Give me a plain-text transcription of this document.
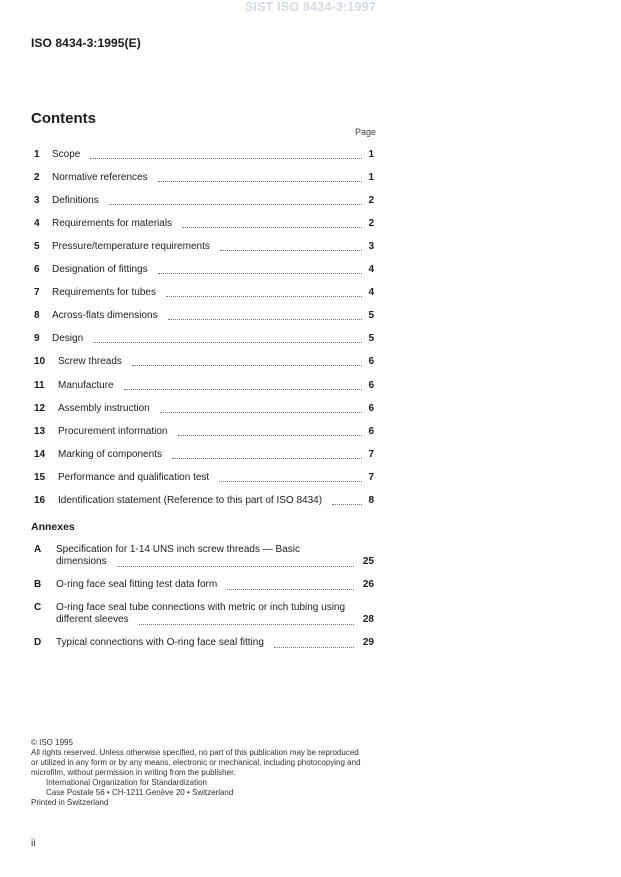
SIST ISO 8434-3:1997
ISO 8434-3:1995(E)
Contents
Page
1 Scope	1
2 Normative references	1
3 Definitions	2
4 Requirements for materials	2
5 Pressure/temperature requirements	3
6 Designation of fittings	4
7 Requirements for tubes	4
8 Across-flats dimensions	5
9 Design	5
10 Screw threads	6
11 Manufacture	6
12 Assembly instruction	6
13 Procurement information	6
14 Marking of components	7
15 Performance and qualification test	7
16 Identification statement (Reference to this part of ISO 8434)	8
Annexes
A Specification for 1-14 UNS inch screw threads — Basic
dimensions	25
B O-ring face seal fitting test data form	26
C O-ring face seal tube connections with metric or inch tubing using
different sleeves	28
D Typical connections with O-ring face seal fitting	29
© ISO 1995
All rights reserved. Unless otherwise specified, no part of this publication may be reproduced
or utilized in any form or by any means, electronic or mechanical, including photocopying and
microfilm, without permission in writing from the publisher.
International Organization for Standardization
Case Postale 56 • CH-1211 Genève 20 • Switzerland
Printed in Switzerland
ii
